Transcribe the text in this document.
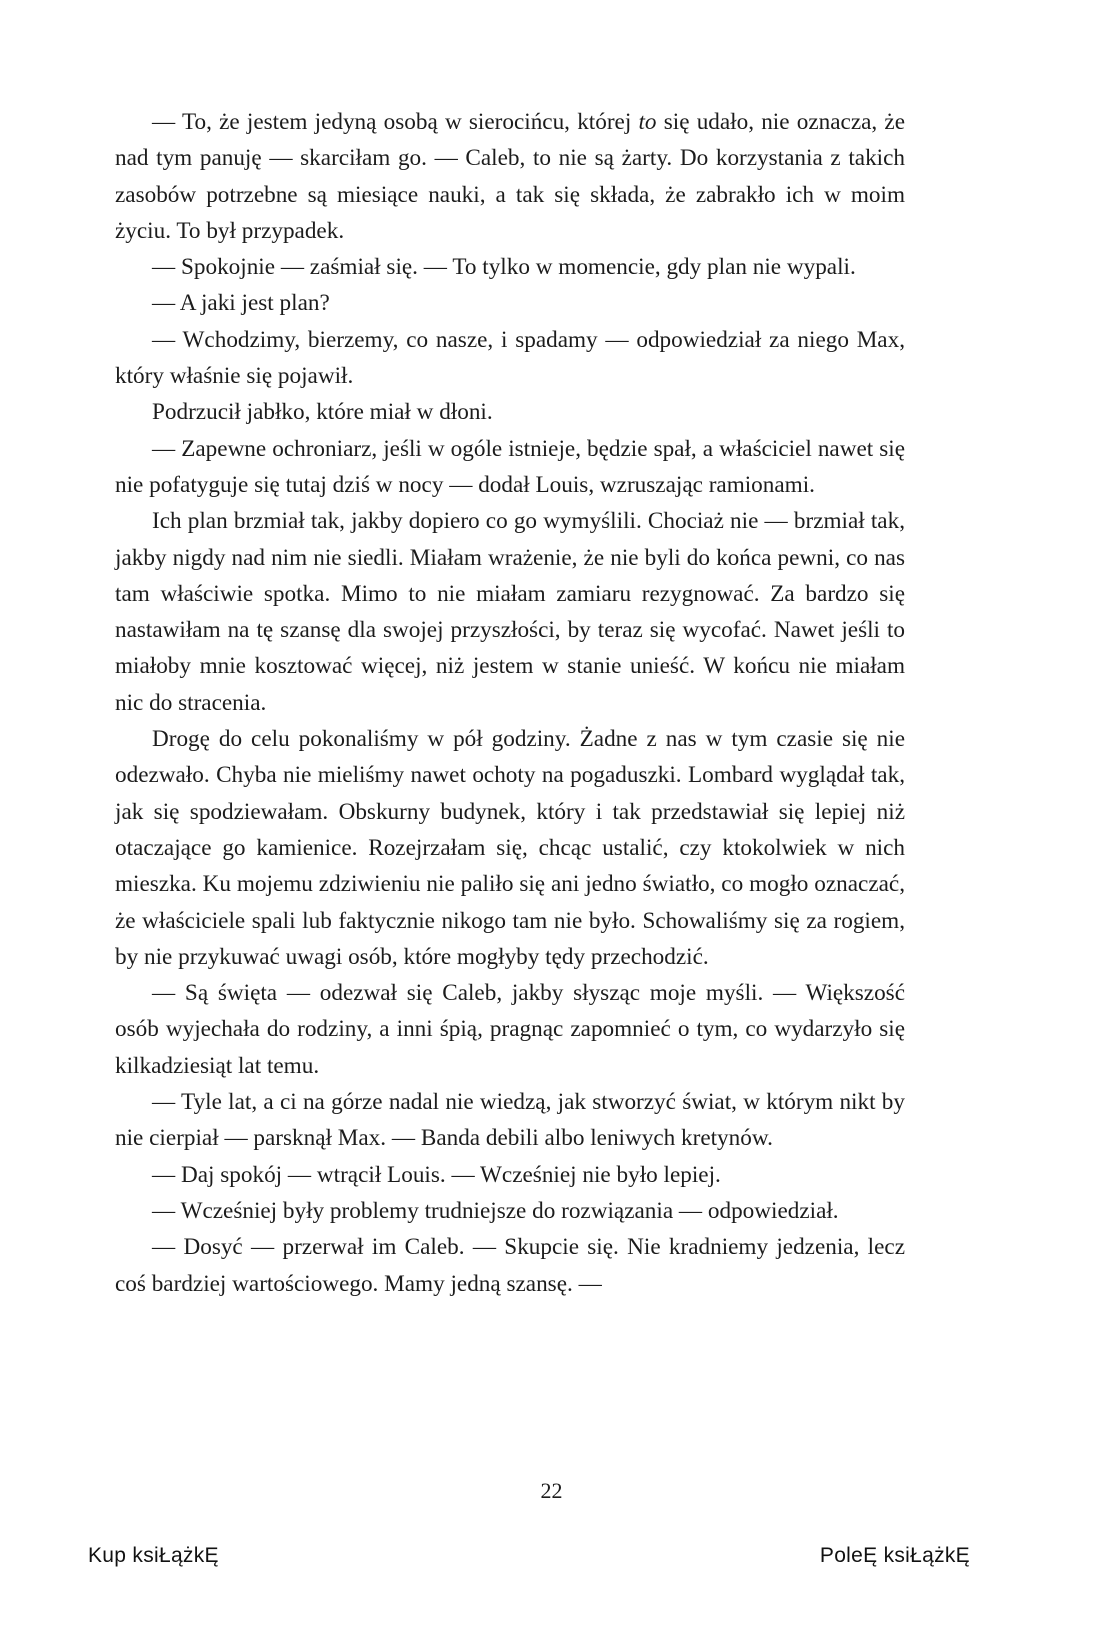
— To, że jestem jedyną osobą w sierocińcu, której to się udało, nie oznacza, że nad tym panuję — skarciłam go. — Caleb, to nie są żarty. Do korzystania z takich zasobów potrzebne są miesiące nauki, a tak się składa, że zabrakło ich w moim życiu. To był przypadek.

— Spokojnie — zaśmiał się. — To tylko w momencie, gdy plan nie wypali.

— A jaki jest plan?

— Wchodzimy, bierzemy, co nasze, i spadamy — odpowiedział za niego Max, który właśnie się pojawił.

Podrzucił jabłko, które miał w dłoni.

— Zapewne ochroniarz, jeśli w ogóle istnieje, będzie spał, a właściciel nawet się nie pofatyguje się tutaj dziś w nocy — dodał Louis, wzruszając ramionami.

Ich plan brzmiał tak, jakby dopiero co go wymyślili. Chociaż nie — brzmiał tak, jakby nigdy nad nim nie siedli. Miałam wrażenie, że nie byli do końca pewni, co nas tam właściwie spotka. Mimo to nie miałam zamiaru rezygnować. Za bardzo się nastawiłam na tę szansę dla swojej przyszłości, by teraz się wycofać. Nawet jeśli to miałoby mnie kosztować więcej, niż jestem w stanie unieść. W końcu nie miałam nic do stracenia.

Drogę do celu pokonaliśmy w pół godziny. Żadne z nas w tym czasie się nie odezwało. Chyba nie mieliśmy nawet ochoty na pogaduszki. Lombard wyglądał tak, jak się spodziewałam. Obskurny budynek, który i tak przedstawiał się lepiej niż otaczające go kamienice. Rozejrzałam się, chcąc ustalić, czy ktokolwiek w nich mieszka. Ku mojemu zdziwieniu nie paliło się ani jedno światło, co mogło oznaczać, że właściciele spali lub faktycznie nikogo tam nie było. Schowaliśmy się za rogiem, by nie przykuwać uwagi osób, które mogłyby tędy przechodzić.

— Są święta — odezwał się Caleb, jakby słysząc moje myśli. — Większość osób wyjechała do rodziny, a inni śpią, pragnąc zapomnieć o tym, co wydarzyło się kilkadziesiąt lat temu.

— Tyle lat, a ci na górze nadal nie wiedzą, jak stworzyć świat, w którym nikt by nie cierpiał — parsknął Max. — Banda debili albo leniwych kretynów.

— Daj spokój — wtrącił Louis. — Wcześniej nie było lepiej.

— Wcześniej były problemy trudniejsze do rozwiązania — odpowiedział.

— Dosyć — przerwał im Caleb. — Skupcie się. Nie kradniemy jedzenia, lecz coś bardziej wartościowego. Mamy jedną szansę. —

22
Kup ksiŁążkĘ	PoleĘ ksiŁążkĘ
